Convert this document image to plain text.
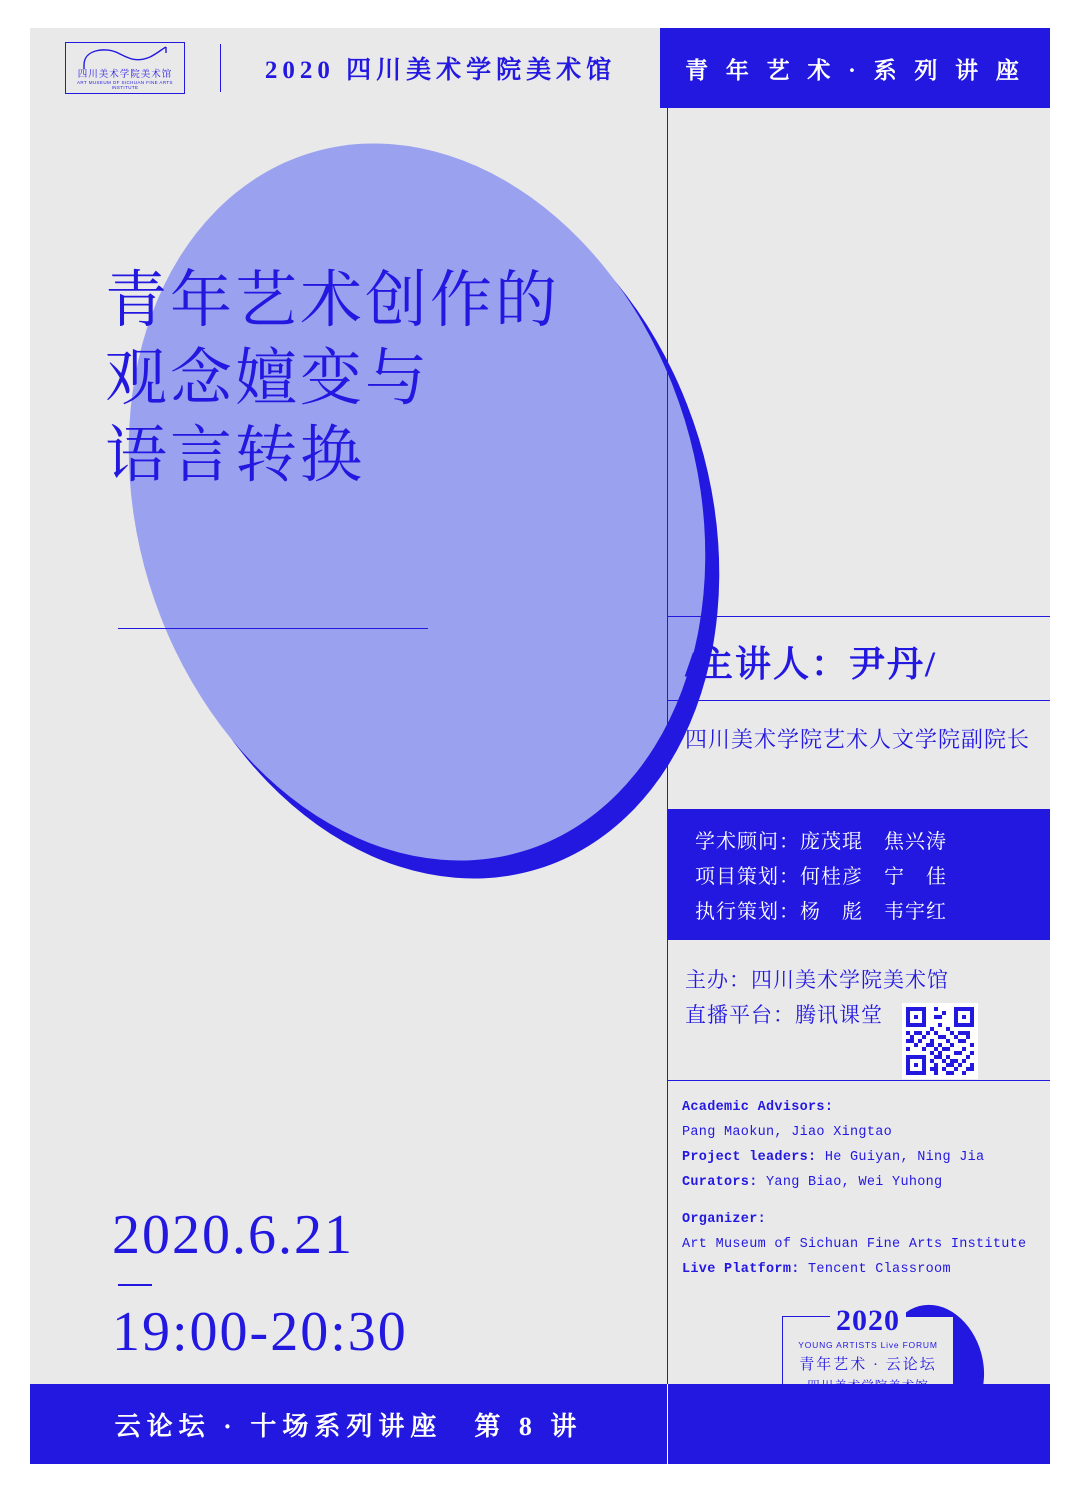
四川美术学院美术馆
ART MUSEUM OF SICHUAN FINE ARTS INSTITUTE
2020 四川美术学院美术馆	青 年 艺 术 · 系 列 讲 座
青年艺术创作的
观念嬗变与
语言转换
/主讲人：尹丹/
四川美术学院艺术人文学院副院长
学术顾问：庞茂琨　焦兴涛
项目策划：何桂彦　宁　佳
执行策划：杨　彪　韦宇红
主办：四川美术学院美术馆
直播平台：腾讯课堂
Academic Advisors:
Pang Maokun, Jiao Xingtao
Project leaders: He Guiyan, Ning Jia
Curators: Yang Biao, Wei Yuhong
Organizer:
Art Museum of Sichuan Fine Arts Institute
Live Platform: Tencent Classroom
2020.6.21
19:00-20:30	2020
YOUNG ARTISTS Live FORUM
青年艺术 · 云论坛
云论坛 · 十场系列讲座　第 8 讲
